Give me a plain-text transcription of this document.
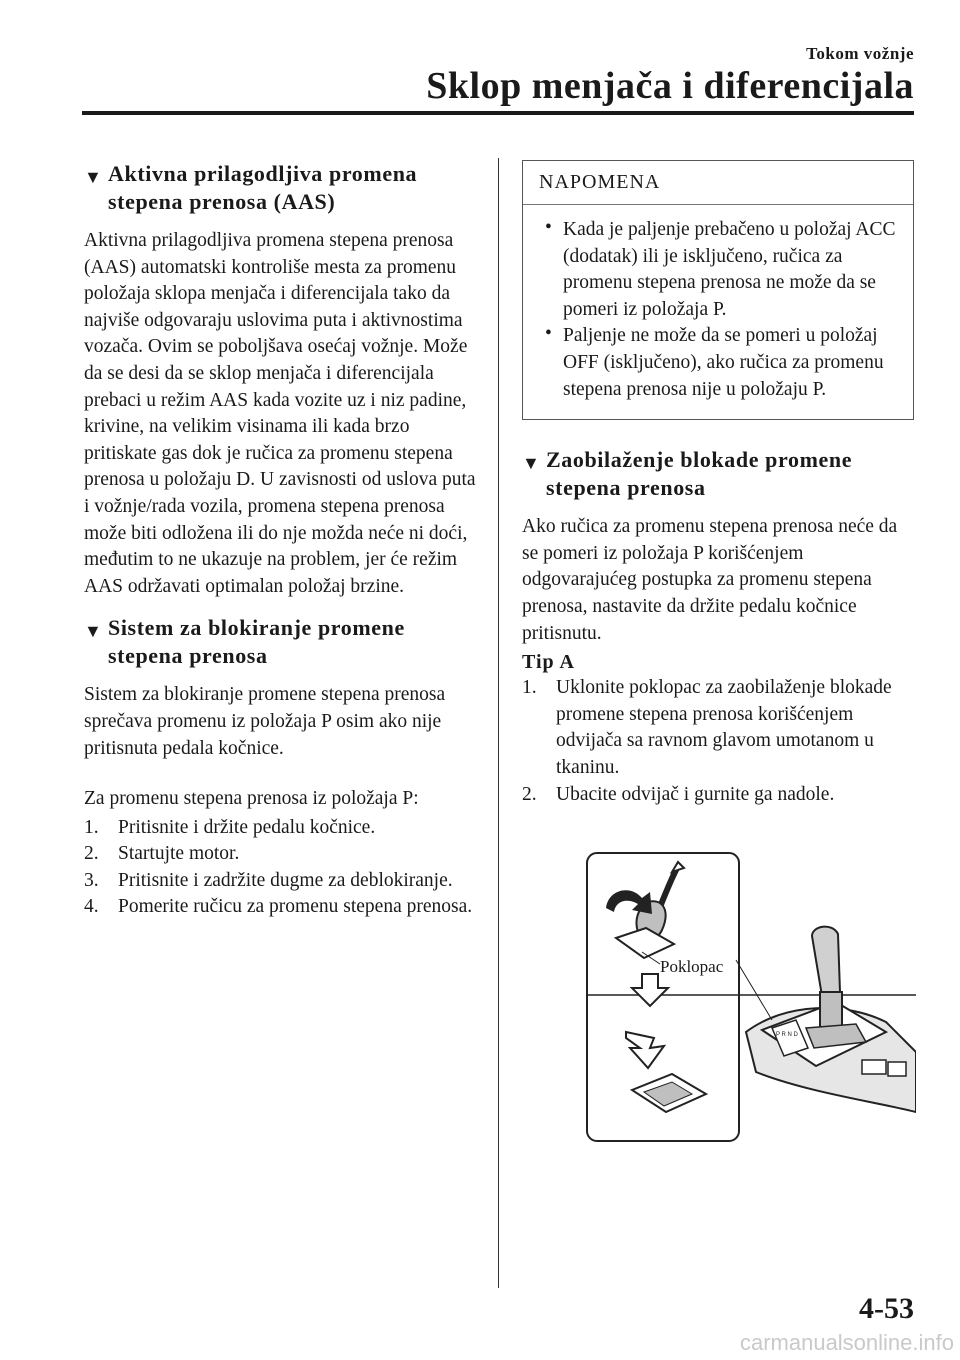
Tokom vožnje
Sklop menjača i diferencijala
▼ Aktivna prilagodljiva promena
stepena prenosa (AAS)

Aktivna prilagodljiva promena stepena prenosa (AAS) automatski kontroliše mesta za promenu položaja sklopa menjača i diferencijala tako da najviše odgovaraju uslovima puta i aktivnostima vozača. Ovim se poboljšava osećaj vožnje. Može da se desi da se sklop menjača i diferencijala prebaci u režim AAS kada vozite uz i niz padine, krivine, na velikim visinama ili kada brzo pritiskate gas dok je ručica za promenu stepena prenosa u položaju D. U zavisnosti od uslova puta i vožnje/rada vozila, promena stepena prenosa može biti odložena ili do nje možda neće ni doći, međutim to ne ukazuje na problem, jer će režim AAS održavati optimalan položaj brzine.

▼ Sistem za blokiranje promene
stepena prenosa

Sistem za blokiranje promene stepena prenosa sprečava promenu iz položaja P osim ako nije pritisnuta pedala kočnice.

Za promenu stepena prenosa iz položaja P:

1. Pritisnite i držite pedalu kočnice.
2. Startujte motor.
3. Pritisnite i zadržite dugme za deblokiranje.
4. Pomerite ručicu za promenu stepena prenosa.
NAPOMENA
• Kada je paljenje prebačeno u položaj ACC (dodatak) ili je isključeno, ručica za promenu stepena prenosa ne može da se pomeri iz položaja P.
• Paljenje ne može da se pomeri u položaj OFF (isključeno), ako ručica za promenu stepena prenosa nije u položaju P.
▼ Zaobilaženje blokade promene
stepena prenosa

Ako ručica za promenu stepena prenosa neće da se pomeri iz položaja P korišćenjem odgovarajućeg postupka za promenu stepena prenosa, nastavite da držite pedalu kočnice pritisnutu.

Tip A
1. Uklonite poklopac za zaobilaženje blokade promene stepena prenosa korišćenjem odvijača sa ravnom glavom umotanom u tkaninu.
2. Ubacite odvijač i gurnite ga nadole.
Poklopac
P R N D
4-53
carmanualsonline.info
